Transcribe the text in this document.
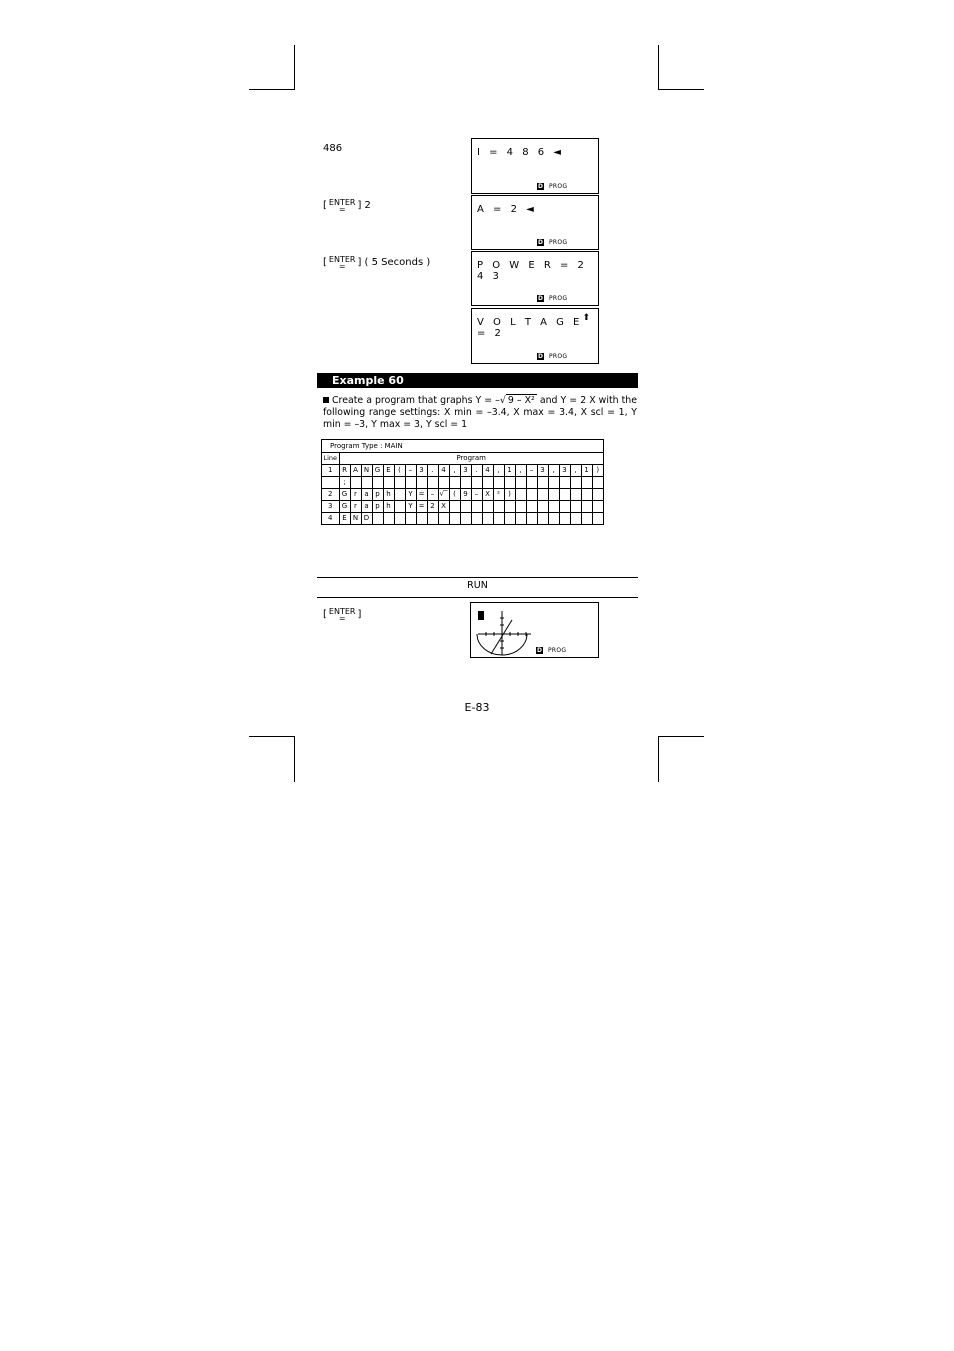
486
[ ENTER
=	] 2
[ ENTER
=	] ( 5 Seconds )
I = 4 8 6 ◄
D PROG
A = 2 ◄
D PROG
P O W E R = 2 4 3
D PROG
V O L T A G E = 2
⬆
D PROG
Example 60
Create a program that graphs Y = –√ 9 – X² and Y = 2 X with the following range settings: X min = –3.4, X max = 3.4, X scl = 1, Y min = –3, Y max = 3, Y scl = 1
Program Type : MAIN
Line	Program																							
1	R	A	N	G	E	(	–	3	.	4	,	3	.	4	,	1	,	–	3	,	3	,	1	)
	;																							
2	G	r	a	p	h		Y	=	–	√‾	(	9	–	X	²	)								
3	G	r	a	p	h		Y	=	2	X														
4	E	N	D																					
RUN
[ ENTER
=	]
D PROG
E-83
